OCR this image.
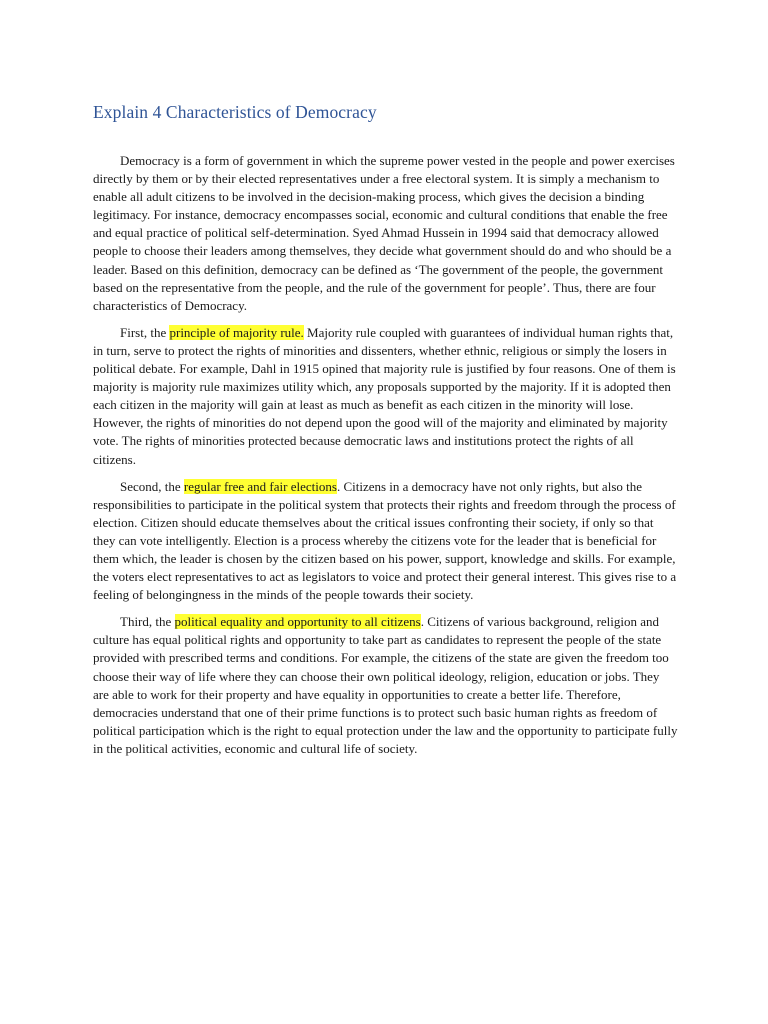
Explain 4 Characteristics of Democracy

Democracy is a form of government in which the supreme power vested in the people and power exercises directly by them or by their elected representatives under a free electoral system. It is simply a mechanism to enable all adult citizens to be involved in the decision-making process, which gives the decision a binding legitimacy. For instance, democracy encompasses social, economic and cultural conditions that enable the free and equal practice of political self-determination. Syed Ahmad Hussein in 1994 said that democracy allowed people to choose their leaders among themselves, they decide what government should do and who should be a leader. Based on this definition, democracy can be defined as ‘The government of the people, the government based on the representative from the people, and the rule of the government for people’. Thus, there are four characteristics of Democracy.

First, the principle of majority rule. Majority rule coupled with guarantees of individual human rights that, in turn, serve to protect the rights of minorities and dissenters, whether ethnic, religious or simply the losers in political debate. For example, Dahl in 1915 opined that majority rule is justified by four reasons. One of them is majority is majority rule maximizes utility which, any proposals supported by the majority. If it is adopted then each citizen in the majority will gain at least as much as benefit as each citizen in the minority will lose. However, the rights of minorities do not depend upon the good will of the majority and eliminated by majority vote. The rights of minorities protected because democratic laws and institutions protect the rights of all citizens.

Second, the regular free and fair elections. Citizens in a democracy have not only rights, but also the responsibilities to participate in the political system that protects their rights and freedom through the process of election. Citizen should educate themselves about the critical issues confronting their society, if only so that they can vote intelligently. Election is a process whereby the citizens vote for the leader that is beneficial for them which, the leader is chosen by the citizen based on his power, support, knowledge and skills. For example, the voters elect representatives to act as legislators to voice and protect their general interest. This gives rise to a feeling of belongingness in the minds of the people towards their society.

Third, the political equality and opportunity to all citizens. Citizens of various background, religion and culture has equal political rights and opportunity to take part as candidates to represent the people of the state provided with prescribed terms and conditions. For example, the citizens of the state are given the freedom too choose their way of life where they can choose their own political ideology, religion, education or jobs. They are able to work for their property and have equality in opportunities to create a better life. Therefore, democracies understand that one of their prime functions is to protect such basic human rights as freedom of political participation which is the right to equal protection under the law and the opportunity to participate fully in the political activities, economic and cultural life of society.
